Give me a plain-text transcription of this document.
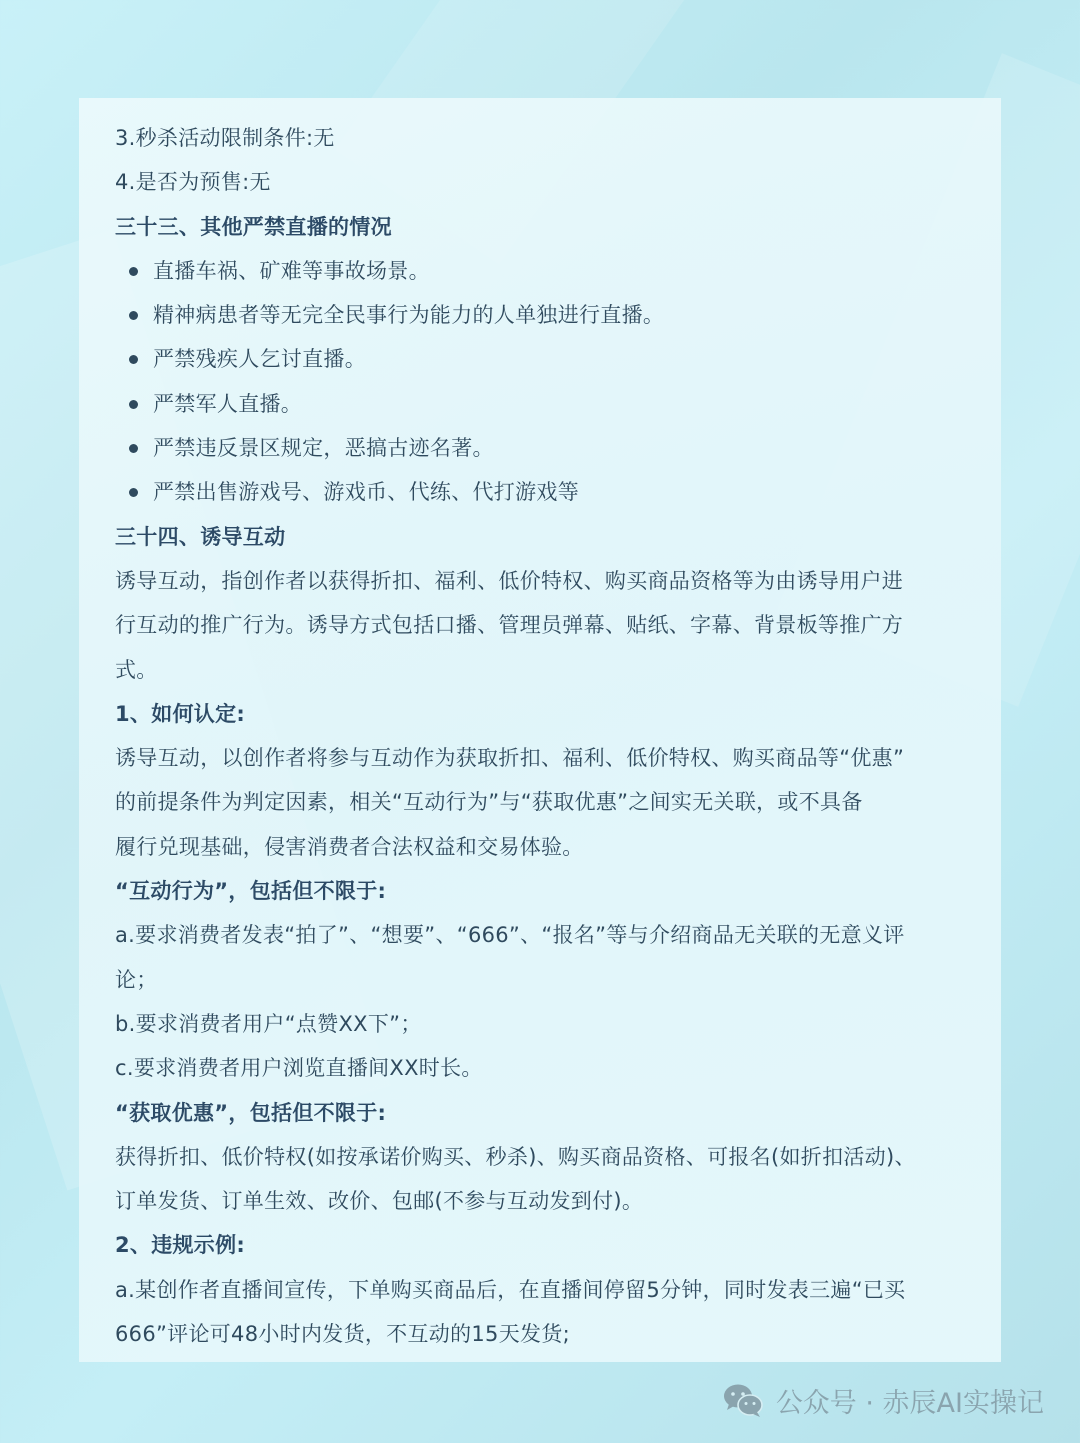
3.秒杀活动限制条件:无
4.是否为预售:无
三十三、其他严禁直播的情况
直播车祸、矿难等事故场景。
精神病患者等无完全民事行为能力的人单独进行直播。
严禁残疾人乞讨直播。
严禁军人直播。
严禁违反景区规定，恶搞古迹名著。
严禁出售游戏号、游戏币、代练、代打游戏等
三十四、诱导互动
诱导互动，指创作者以获得折扣、福利、低价特权、购买商品资格等为由诱导用户进
行互动的推广行为。诱导方式包括口播、管理员弹幕、贴纸、字幕、背景板等推广方
式。
1、如何认定:
诱导互动，以创作者将参与互动作为获取折扣、福利、低价特权、购买商品等“优惠”
的前提条件为判定因素，相关“互动行为”与“获取优惠”之间实无关联，或不具备
履行兑现基础，侵害消费者合法权益和交易体验。
“互动行为”，包括但不限于:
a.要求消费者发表“拍了”、“想要”、“666”、“报名”等与介绍商品无关联的无意义评
论；
b.要求消费者用户“点赞XX下”；
c.要求消费者用户浏览直播间XX时长。
“获取优惠”，包括但不限于:
获得折扣、低价特权(如按承诺价购买、秒杀)、购买商品资格、可报名(如折扣活动)、
订单发货、订单生效、改价、包邮(不参与互动发到付)。
2、违规示例:
a.某创作者直播间宣传，下单购买商品后，在直播间停留5分钟，同时发表三遍“已买
666”评论可48小时内发货，不互动的15天发货;
公众号 · 赤辰AI实操记
